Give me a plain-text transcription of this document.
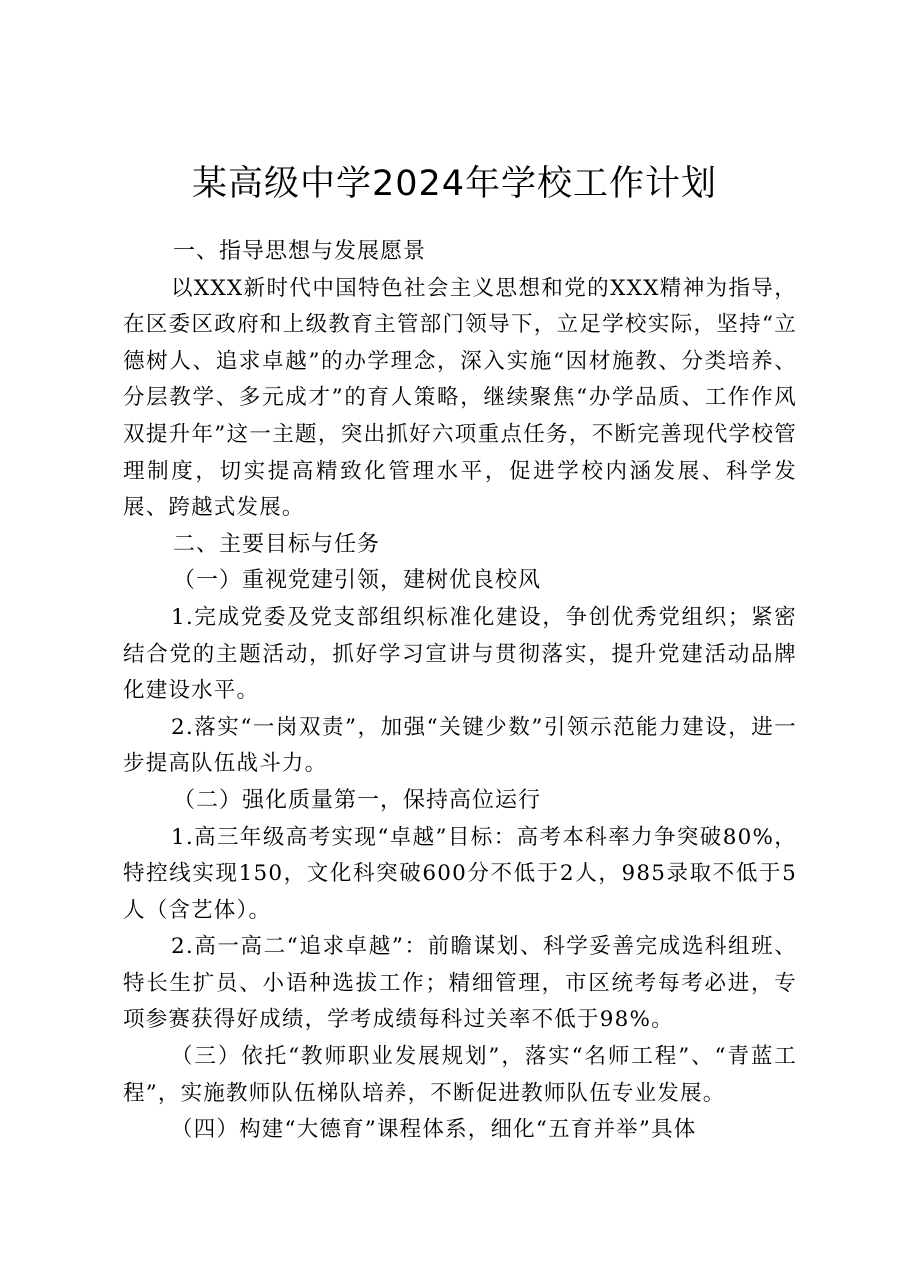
某高级中学2024年学校工作计划

一、指导思想与发展愿景

以XXX新时代中国特色社会主义思想和党的XXX精神为指导，在区委区政府和上级教育主管部门领导下，立足学校实际，坚持“立德树人、追求卓越”的办学理念，深入实施“因材施教、分类培养、分层教学、多元成才”的育人策略，继续聚焦“办学品质、工作作风双提升年”这一主题，突出抓好六项重点任务，不断完善现代学校管理制度，切实提高精致化管理水平，促进学校内涵发展、科学发展、跨越式发展。

二、主要目标与任务

（一）重视党建引领，建树优良校风

1.完成党委及党支部组织标准化建设，争创优秀党组织；紧密结合党的主题活动，抓好学习宣讲与贯彻落实，提升党建活动品牌化建设水平。

2.落实“一岗双责”，加强“关键少数”引领示范能力建设，进一步提高队伍战斗力。

（二）强化质量第一，保持高位运行

1.高三年级高考实现“卓越”目标：高考本科率力争突破80%，特控线实现150，文化科突破600分不低于2人，985录取不低于5人（含艺体）。

2.高一高二“追求卓越”：前瞻谋划、科学妥善完成选科组班、特长生扩员、小语种选拔工作；精细管理，市区统考每考必进，专项参赛获得好成绩，学考成绩每科过关率不低于98%。

（三）依托“教师职业发展规划”，落实“名师工程”、“青蓝工程”，实施教师队伍梯队培养，不断促进教师队伍专业发展。

（四）构建“大德育”课程体系，细化“五育并举”具体
